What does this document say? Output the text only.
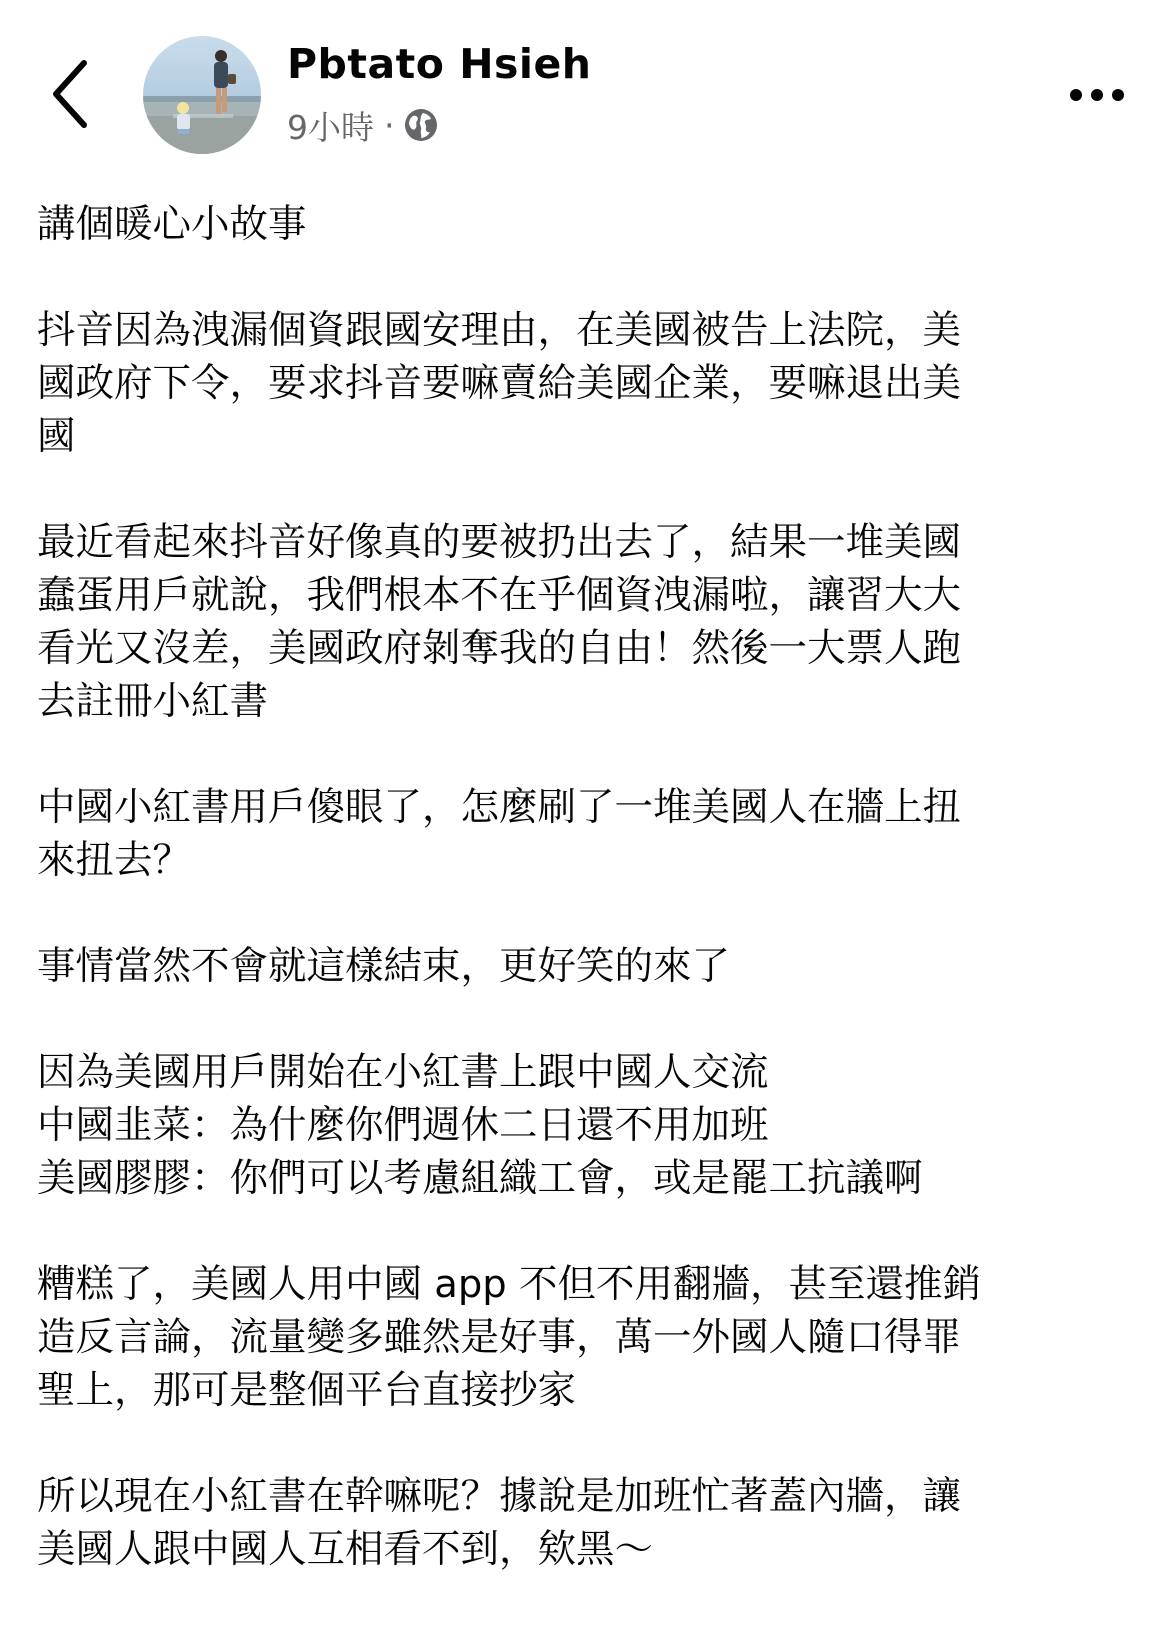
Pbtato Hsieh
9小時 ·

講個暖心小故事

抖音因為洩漏個資跟國安理由，在美國被告上法院，美
國政府下令，要求抖音要嘛賣給美國企業，要嘛退出美
國

最近看起來抖音好像真的要被扔出去了，結果一堆美國
蠢蛋用戶就說，我們根本不在乎個資洩漏啦，讓習大大
看光又沒差，美國政府剝奪我的自由！然後一大票人跑
去註冊小紅書

中國小紅書用戶傻眼了，怎麼刷了一堆美國人在牆上扭
來扭去？

事情當然不會就這樣結束，更好笑的來了

因為美國用戶開始在小紅書上跟中國人交流
中國韭菜：為什麼你們週休二日還不用加班
美國膠膠：你們可以考慮組織工會，或是罷工抗議啊

糟糕了，美國人用中國 app 不但不用翻牆，甚至還推銷
造反言論，流量變多雖然是好事，萬一外國人隨口得罪
聖上，那可是整個平台直接抄家

所以現在小紅書在幹嘛呢？據說是加班忙著蓋內牆，讓
美國人跟中國人互相看不到，欸黑～
